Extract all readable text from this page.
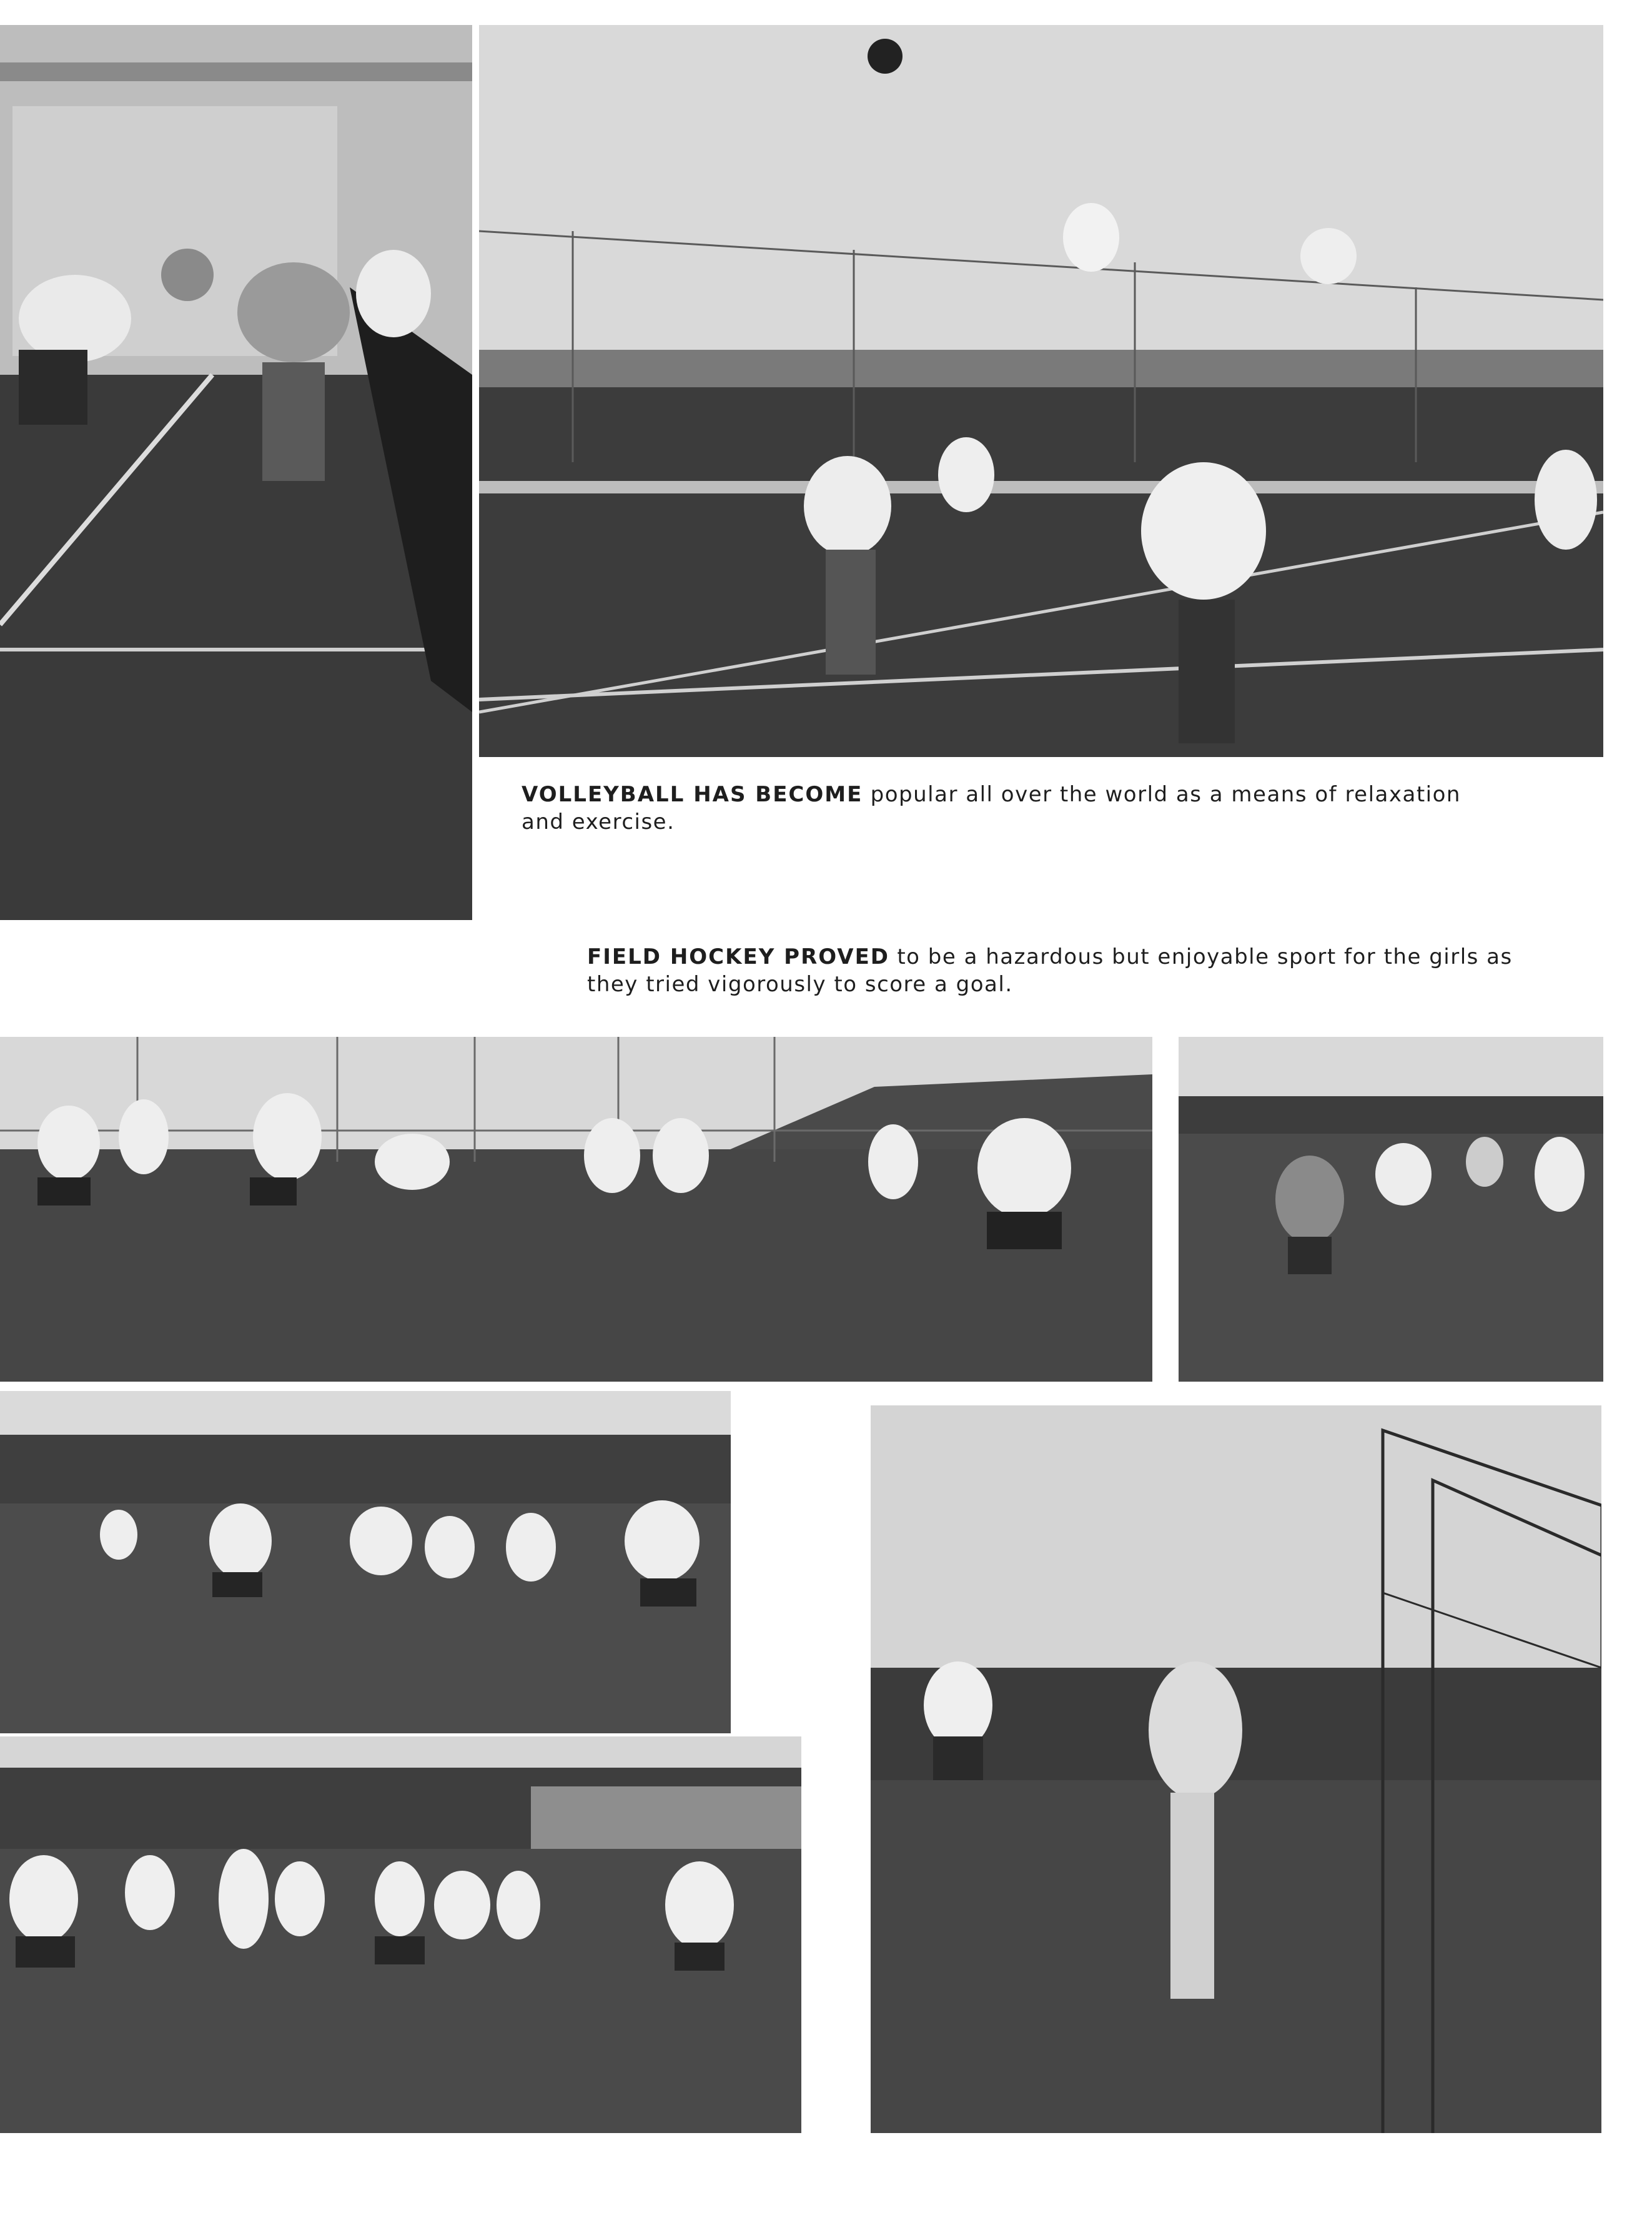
VOLLEYBALL HAS BECOME popular all over the world as a means of relaxation and exercise.
FIELD HOCKEY PROVED to be a hazardous but enjoyable sport for the girls as they tried vigorously to score a goal.
